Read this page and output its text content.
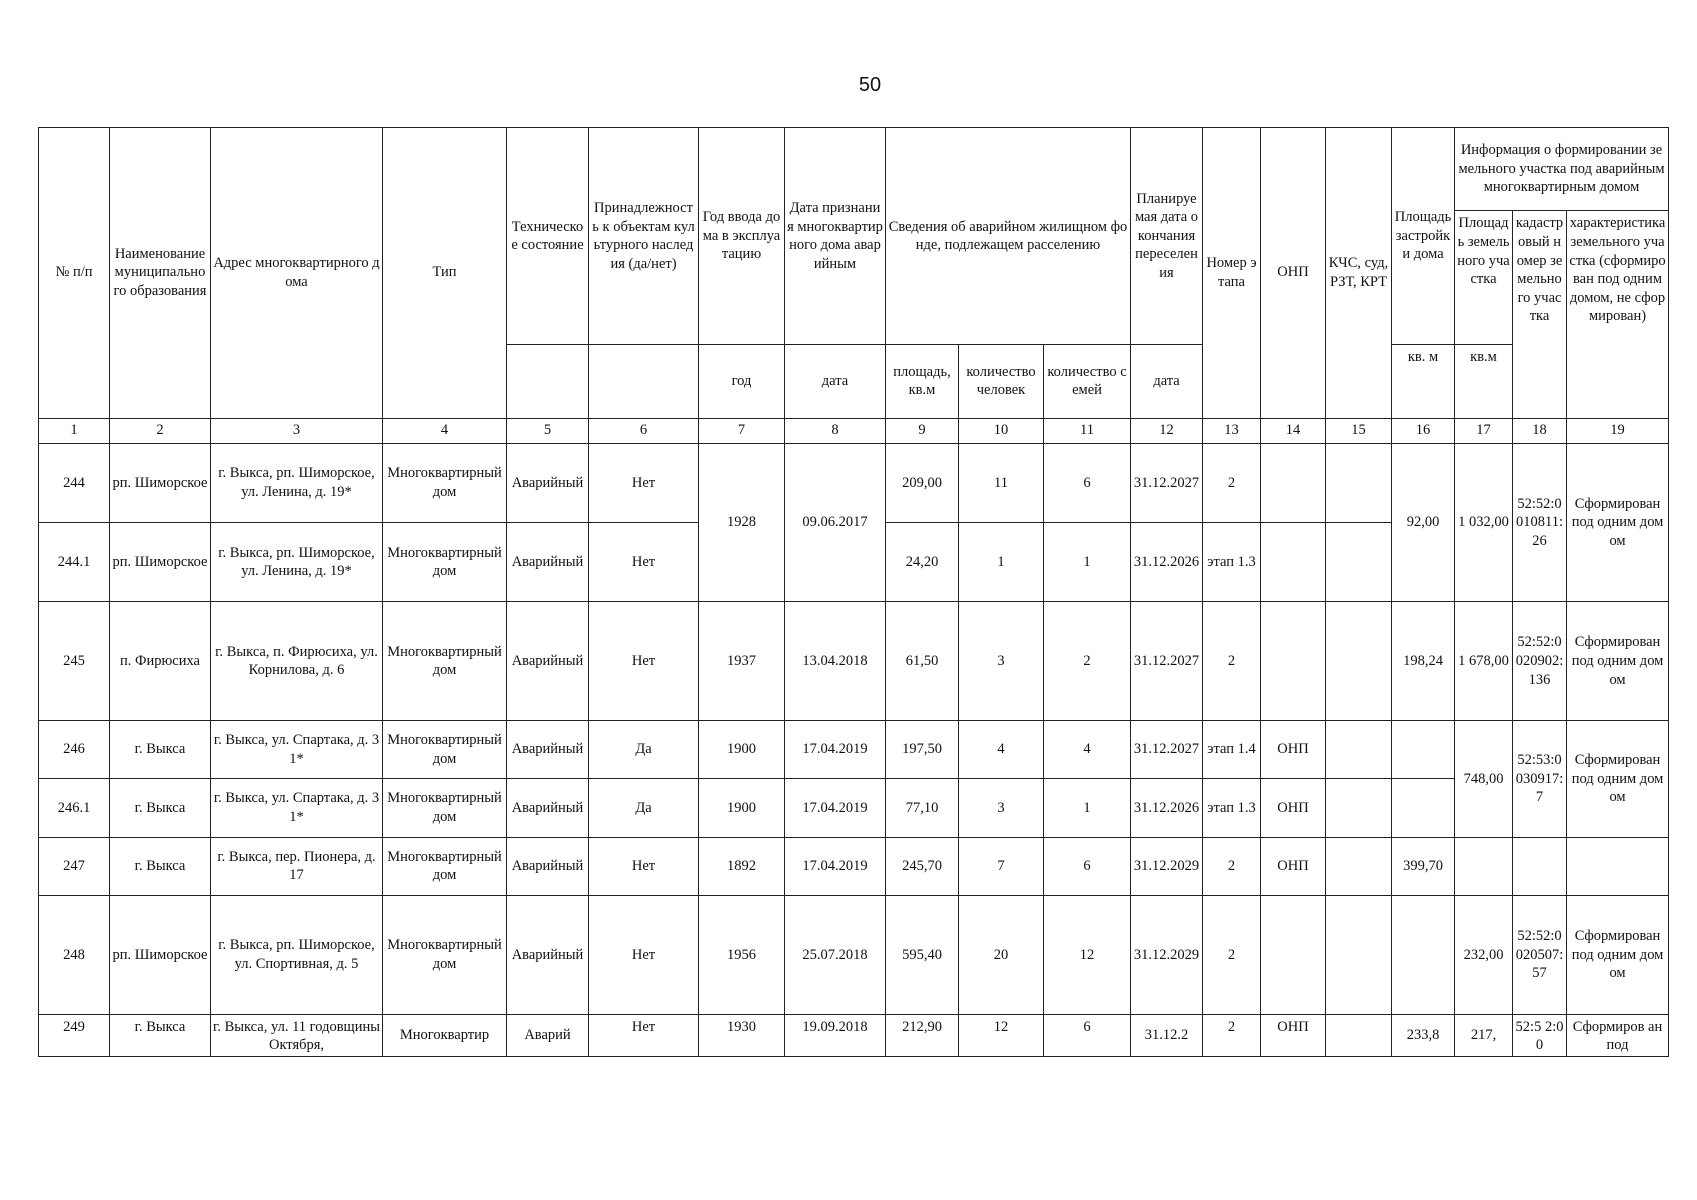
50
№ п/п	Наименование муниципального образования	Адрес многоквартирного дома	Тип	Техническое состояние	Принадлежность к объектам культурного наследия (да/нет)	Год ввода дома в эксплуатацию	Дата признания многоквартирного дома аварийным	Сведения об аварийном жилищном фонде, подлежащем расселению			Планируемая дата окончания переселения	Номер этапа	ОНП	КЧС, суд, РЗТ, КРТ	Площадь застройки дома	Информация о формировании земельного участка под аварийным многоквартирным домом		
																Площадь земельного участка	кадастровый номер земельного участка	характеристика земельного участка (сформирован под одним домом, не сформирован)
						год	дата	площадь, кв.м	количество человек	количество семей	дата				кв. м	кв.м		
1	2	3	4	5	6	7	8	9	10	11	12	13	14	15	16	17	18	19
244	рп. Шиморское	г. Выкса, рп. Шиморское, ул. Ленина, д. 19*	Многоквартирный дом	Аварийный	Нет	1928	09.06.2017	209,00	11	6	31.12.2027	2			92,00	1 032,00	52:52:0010811:26	Сформирован под одним домом
244.1	рп. Шиморское	г. Выкса, рп. Шиморское, ул. Ленина, д. 19*	Многоквартирный дом	Аварийный	Нет			24,20	1	1	31.12.2026	этап 1.3						
245	п. Фирюсиха	г. Выкса, п. Фирюсиха, ул. Корнилова, д. 6	Многоквартирный дом	Аварийный	Нет	1937	13.04.2018	61,50	3	2	31.12.2027	2			198,24	1 678,00	52:52:0020902:136	Сформирован под одним домом
246	г. Выкса	г. Выкса, ул. Спартака, д. 31*	Многоквартирный дом	Аварийный	Да	1900	17.04.2019	197,50	4	4	31.12.2027	этап 1.4	ОНП			748,00	52:53:0030917:7	Сформирован под одним домом
246.1	г. Выкса	г. Выкса, ул. Спартака, д. 31*	Многоквартирный дом	Аварийный	Да	1900	17.04.2019	77,10	3	1	31.12.2026	этап 1.3	ОНП					
247	г. Выкса	г. Выкса, пер. Пионера, д. 17	Многоквартирный дом	Аварийный	Нет	1892	17.04.2019	245,70	7	6	31.12.2029	2	ОНП		399,70			
248	рп. Шиморское	г. Выкса, рп. Шиморское, ул. Спортивная, д. 5	Многоквартирный дом	Аварийный	Нет	1956	25.07.2018	595,40	20	12	31.12.2029	2				232,00	52:52:0020507:57	Сформирован под одним домом
249	г. Выкса	г. Выкса, ул. 11 годовщины Октября,	Многоквартир	Аварий	Нет	1930	19.09.2018	212,90	12	6	31.12.2	2	ОНП		233,8	217,	52:5 2:00	Сформиров ан под
